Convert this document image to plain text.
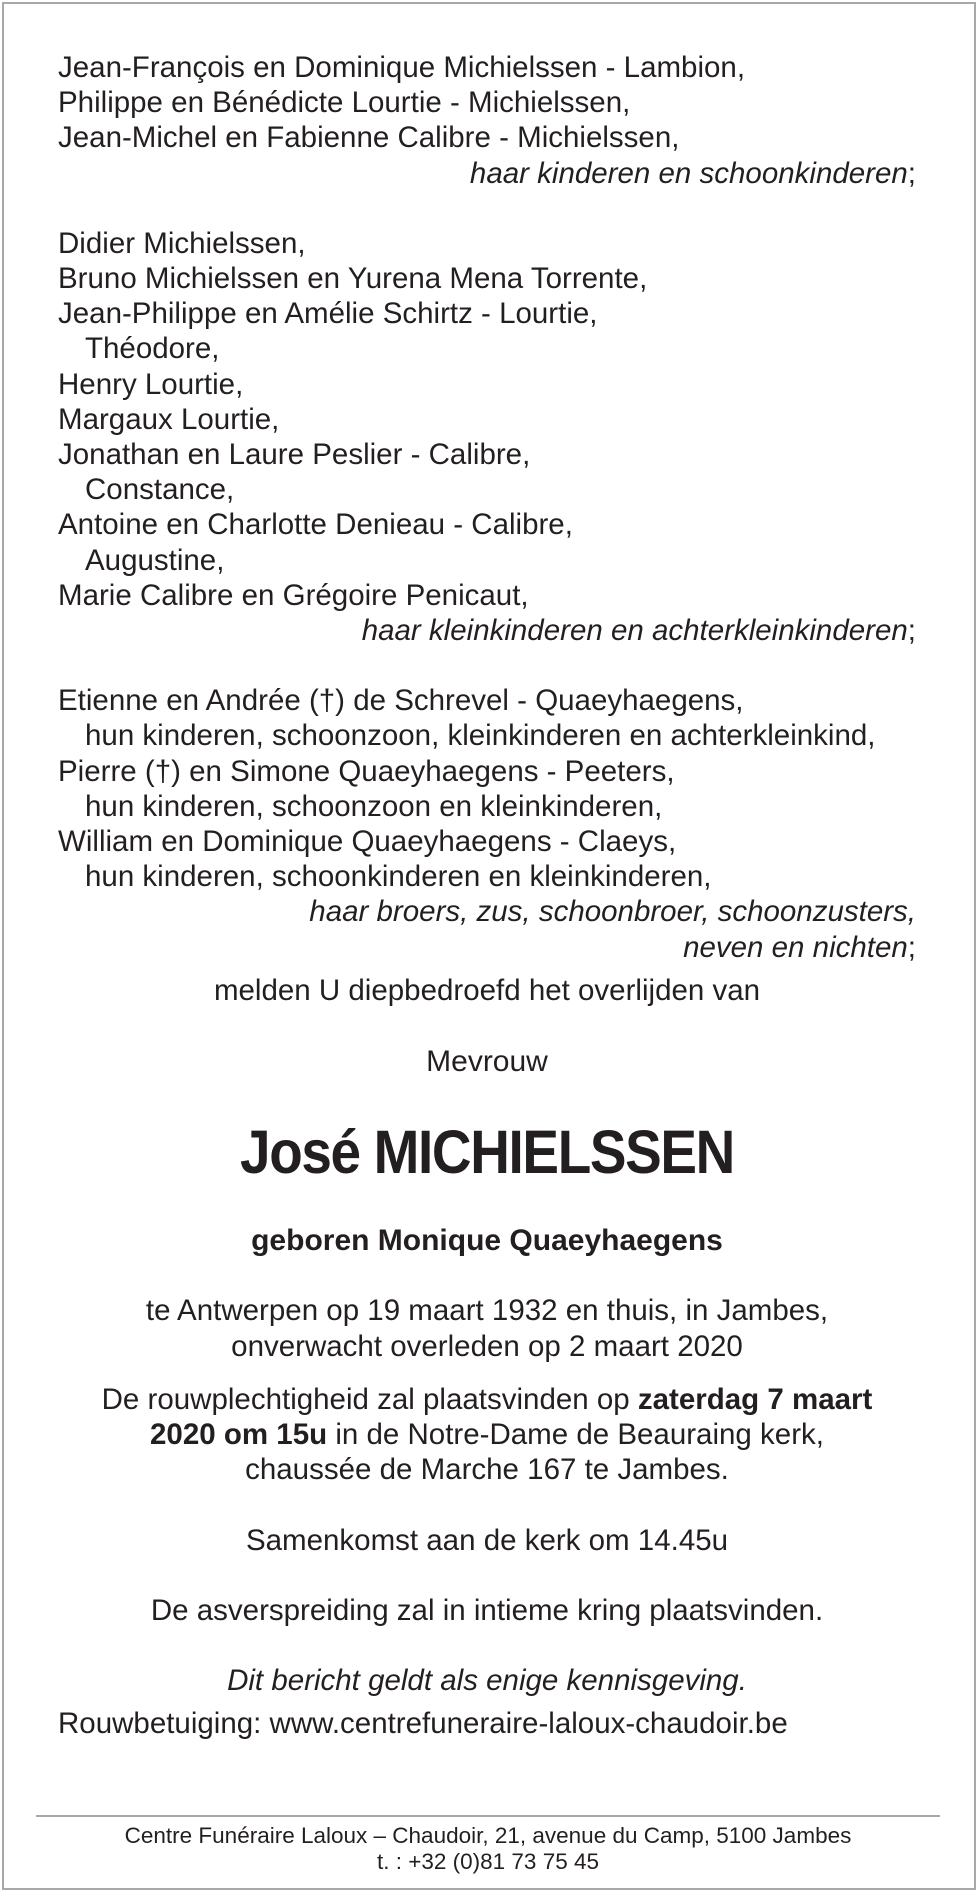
Jean-François en Dominique Michielssen - Lambion,
Philippe en Bénédicte Lourtie - Michielssen,
Jean-Michel en Fabienne Calibre - Michielssen,
haar kinderen en schoonkinderen;
Didier Michielssen,
Bruno Michielssen en Yurena Mena Torrente,
Jean-Philippe en Amélie Schirtz - Lourtie,
Théodore,
Henry Lourtie,
Margaux Lourtie,
Jonathan en Laure Peslier - Calibre,
Constance,
Antoine en Charlotte Denieau - Calibre,
Augustine,
Marie Calibre en Grégoire Penicaut,
haar kleinkinderen en achterkleinkinderen;
Etienne en Andrée (†) de Schrevel - Quaeyhaegens,
hun kinderen, schoonzoon, kleinkinderen en achterkleinkind,
Pierre (†) en Simone Quaeyhaegens - Peeters,
hun kinderen, schoonzoon en kleinkinderen,
William en Dominique Quaeyhaegens - Claeys,
hun kinderen, schoonkinderen en kleinkinderen,
haar broers, zus, schoonbroer, schoonzusters,
neven en nichten;
melden U diepbedroefd het overlijden van
Mevrouw
José MICHIELSSEN
geboren Monique Quaeyhaegens
te Antwerpen op 19 maart 1932 en thuis, in Jambes,
onverwacht overleden op 2 maart 2020
De rouwplechtigheid zal plaatsvinden op zaterdag 7 maart
2020 om 15u in de Notre-Dame de Beauraing kerk,
chaussée de Marche 167 te Jambes.
Samenkomst aan de kerk om 14.45u
De asverspreiding zal in intieme kring plaatsvinden.
Dit bericht geldt als enige kennisgeving.
Rouwbetuiging: www.centrefuneraire-laloux-chaudoir.be
Centre Funéraire Laloux – Chaudoir, 21, avenue du Camp, 5100 Jambes
t. : +32 (0)81 73 75 45
